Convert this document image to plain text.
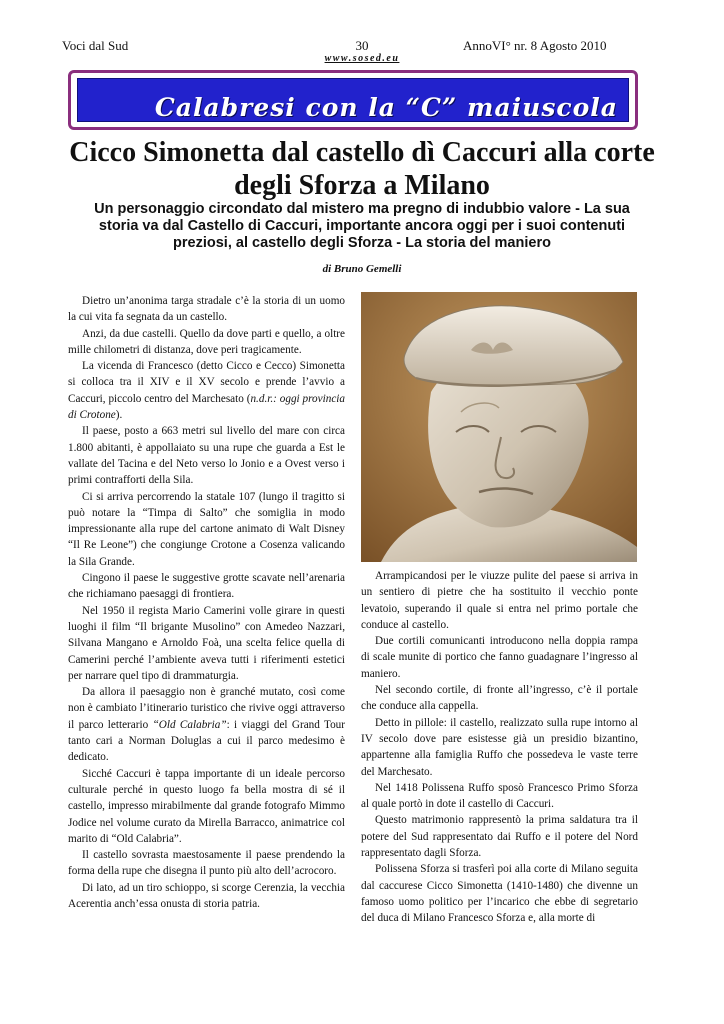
Voci dal Sud	30	AnnoVI° nr. 8 Agosto 2010
www.sosed.eu
Calabresi con la “C” maiuscola
Cicco Simonetta dal castello dì Caccuri alla corte degli Sforza a Milano
Un personaggio circondato dal mistero ma pregno di indubbio valore - La sua storia va dal Castello di Caccuri, importante ancora oggi per i suoi contenuti preziosi, al castello degli Sforza - La storia del maniero
di Bruno Gemelli

Dietro un’anonima targa stradale c’è la storia di un uomo la cui vita fa segnata da un castello.

Anzi, da due castelli. Quello da dove parti e quello, a oltre mille chilometri di distanza, dove peri tragicamente.

La vicenda di Francesco (detto Cicco e Cecco) Simonetta si colloca tra il XIV e il XV secolo e prende l’avvio a Caccuri, piccolo centro del Marchesato (n.d.r.: oggi provincia di Crotone).

Il paese, posto a 663 metri sul livello del mare con circa 1.800 abitanti, è appollaiato su una rupe che guarda a Est le vallate del Tacina e del Neto verso lo Jonio e a Ovest verso i primi contrafforti della Sila.

Ci si arriva percorrendo la statale 107 (lungo il tragitto si può notare la “Timpa di Salto” che somiglia in modo impressionante alla rupe del cartone animato di Walt Disney “Il Re Leone”) che congiunge Crotone a Cosenza valicando la Sila Grande.

Cingono il paese le suggestive grotte scavate nell’arenaria che richiamano paesaggi di frontiera.

Nel 1950 il regista Mario Camerini volle girare in questi luoghi il film “Il brigante Musolino” con Amedeo Nazzari, Silvana Mangano e Arnoldo Foà, una scelta felice quella di Camerini perché l’ambiente aveva tutti i riferimenti estetici per narrare quel tipo di drammaturgia.

Da allora il paesaggio non è granché mutato, così come non è cambiato l’itinerario turistico che rivive oggi attraverso il parco letterario “Old Calabria”: i viaggi del Grand Tour tanto cari a Norman Doluglas a cui il parco medesimo è dedicato.

Sicché Caccuri è tappa importante di un ideale percorso culturale perché in questo luogo fa bella mostra di sé il castello, impresso mirabilmente dal grande fotografo Mimmo Jodice nel volume curato da Mirella Barracco, animatrice col marito di “Old Calabria”.

Il castello sovrasta maestosamente il paese prendendo la forma della rupe che disegna il punto più alto dell’acrocoro.

Di lato, ad un tiro schioppo, si scorge Cerenzia, la vecchia Acerentia anch’essa onusta di storia patria.

Arrampicandosi per le viuzze pulite del paese si arriva in un sentiero di pietre che ha sostituito il vecchio ponte levatoio, superando il quale si entra nel primo portale che conduce al castello.

Due cortili comunicanti introducono nella doppia rampa di scale munite di portico che fanno guadagnare l’ingresso al maniero.

Nel secondo cortile, di fronte all’ingresso, c’è il portale che conduce alla cappella.

Detto in pillole: il castello, realizzato sulla rupe intorno al IV secolo dove pare esistesse già un presidio bizantino, appartenne alla famiglia Ruffo che possedeva le vaste terre del Marchesato.

Nel 1418 Polissena Ruffo sposò Francesco Primo Sforza al quale portò in dote il castello di Caccuri.

Questo matrimonio rappresentò la prima saldatura tra il potere del Sud rappresentato dai Ruffo e il potere del Nord rappresentato dagli Sforza.

Polissena Sforza si trasferì poi alla corte di Milano seguita dal caccurese Cicco Simonetta (1410-1480) che divenne un famoso uomo politico per l’incarico che ebbe di segretario del duca di Milano Francesco Sforza e, alla morte di
